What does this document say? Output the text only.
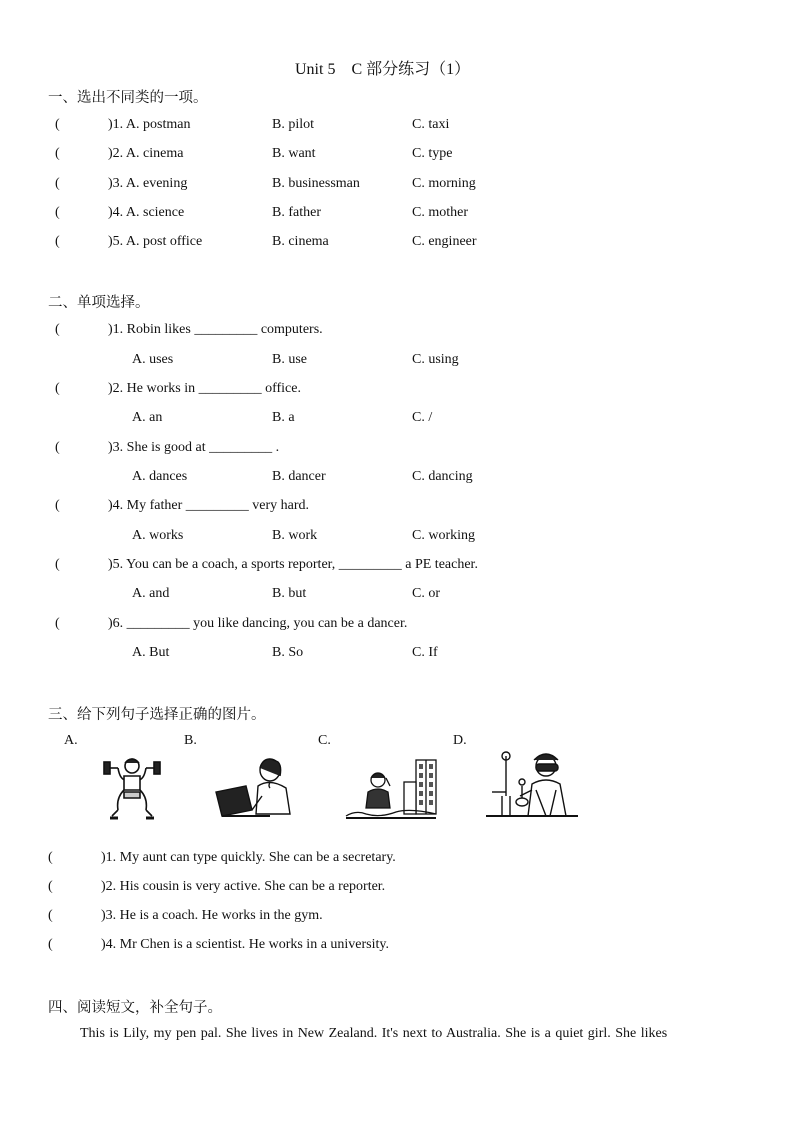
Unit 5　C 部分练习（1）
一、选出不同类的一项。
(	)1. A. postman	B. pilot	C. taxi
(	)2. A. cinema	B. want	C. type
(	)3. A. evening	B. businessman	C. morning
(	)4. A. science	B. father	C. mother
(	)5. A. post office	B. cinema	C. engineer
二、单项选择。
(	)1. Robin likes _________ computers.
A. uses	B. use	C. using
(	)2. He works in _________ office.
A. an	B. a	C. /
(	)3. She is good at _________ .
A. dances	B. dancer	C. dancing
(	)4. My father _________ very hard.
A. works	B. work	C. working
(	)5. You can be a coach, a sports reporter, _________ a PE teacher.
A. and	B. but	C. or
(	)6. _________ you like dancing, you can be a dancer.
A. But	B. So	C. If
三、给下列句子选择正确的图片。
A.	B.	C.	D.
(	)1. My aunt can type quickly. She can be a secretary.
(	)2. His cousin is very active. She can be a reporter.
(	)3. He is a coach. He works in the gym.
(	)4. Mr Chen is a scientist. He works in a university.
四、阅读短文，补全句子。
This is Lily, my pen pal. She lives in New Zealand. It's next to Australia. She is a quiet girl. She likes
